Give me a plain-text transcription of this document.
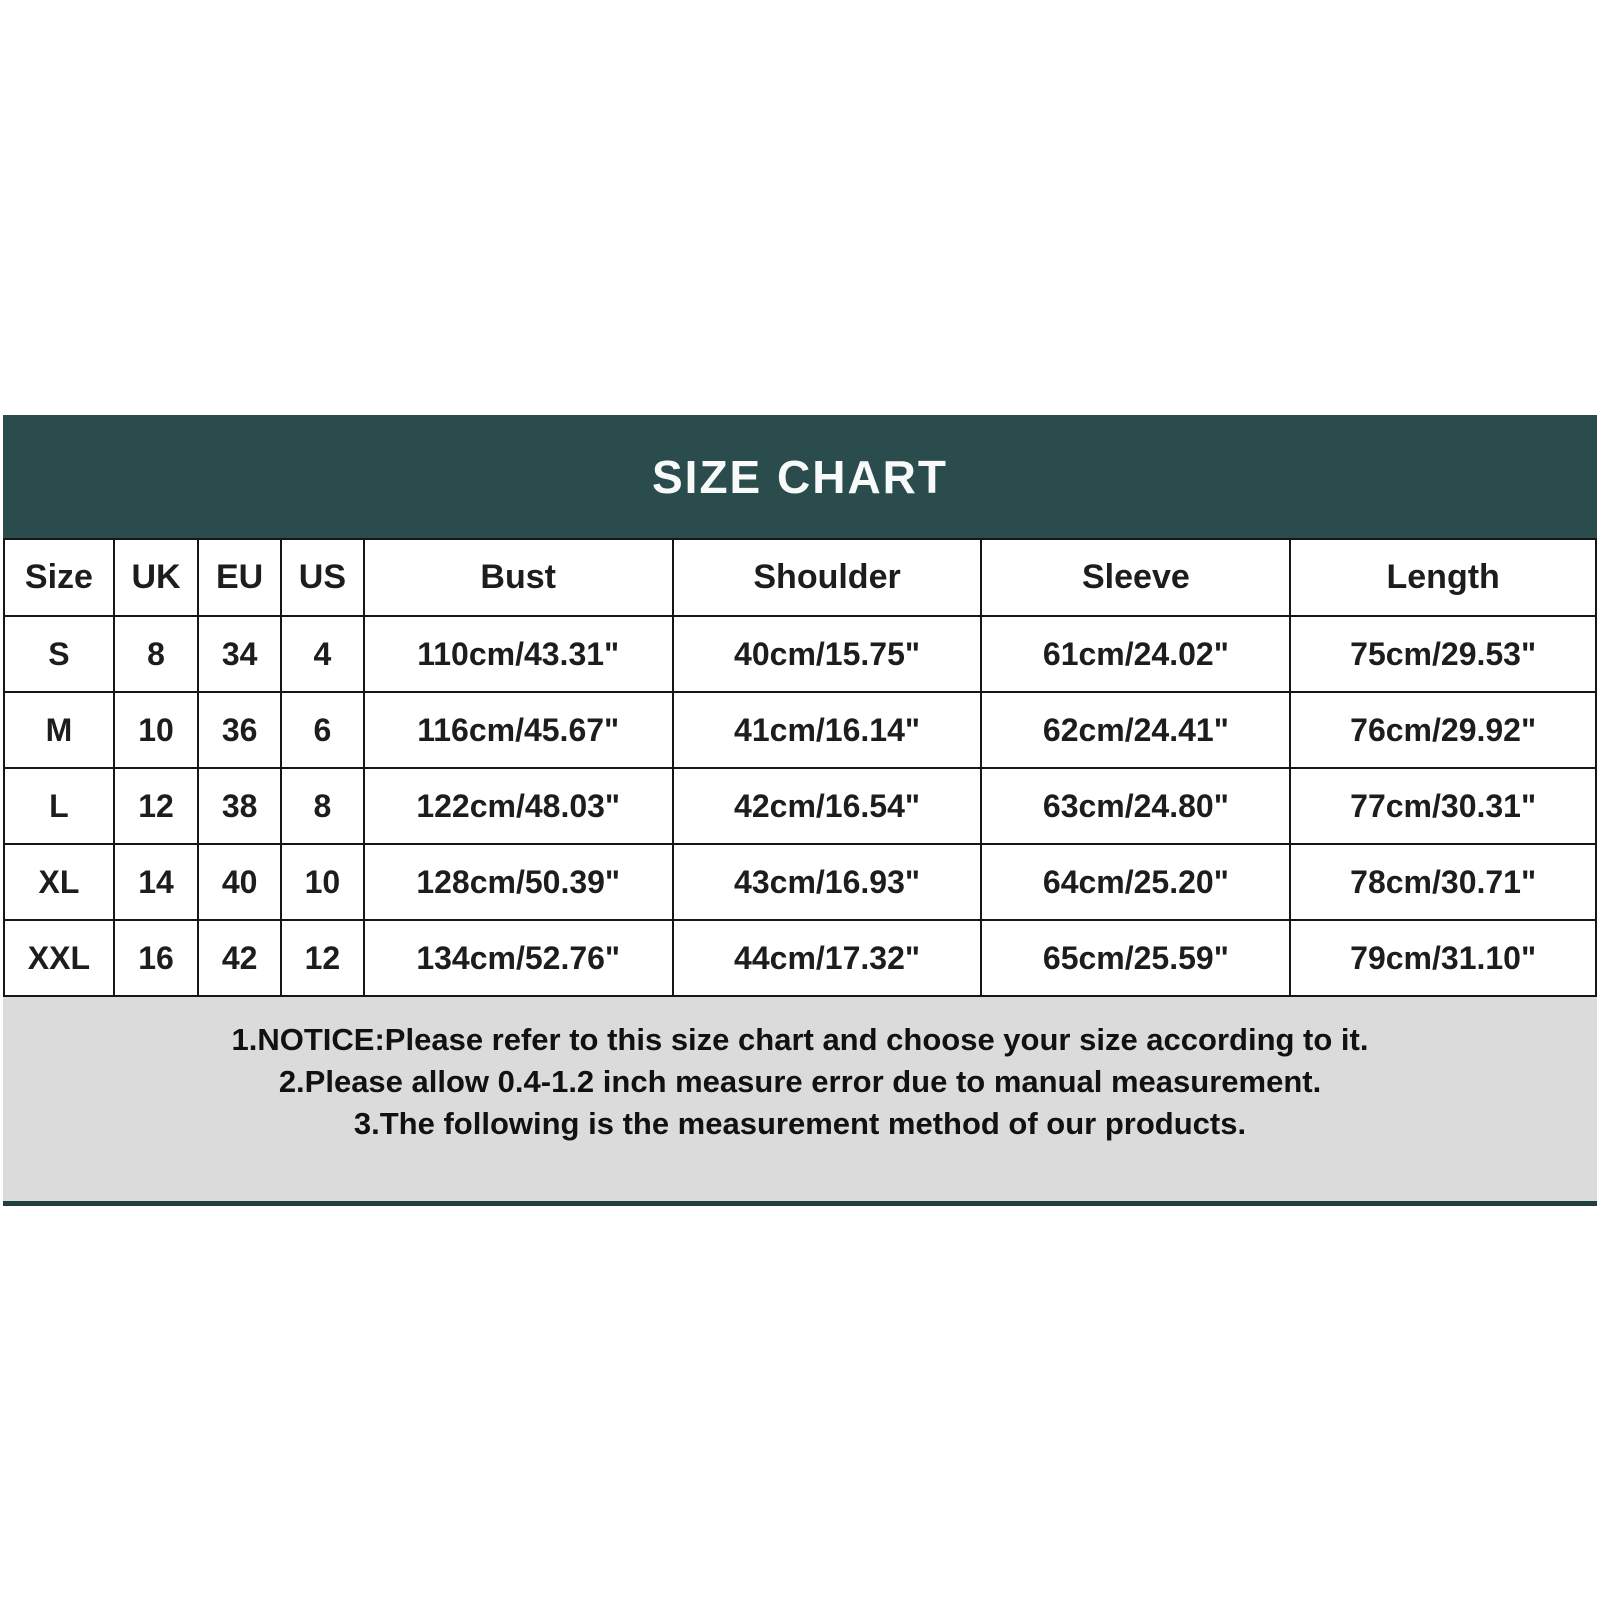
SIZE CHART
Size	UK	EU	US	Bust	Shoulder	Sleeve	Length
S	8	34	4	110cm/43.31"	40cm/15.75"	61cm/24.02"	75cm/29.53"
M	10	36	6	116cm/45.67"	41cm/16.14"	62cm/24.41"	76cm/29.92"
L	12	38	8	122cm/48.03"	42cm/16.54"	63cm/24.80"	77cm/30.31"
XL	14	40	10	128cm/50.39"	43cm/16.93"	64cm/25.20"	78cm/30.71"
XXL	16	42	12	134cm/52.76"	44cm/17.32"	65cm/25.59"	79cm/31.10"
1.NOTICE:Please refer to this size chart and choose your size according to it.
2.Please allow 0.4-1.2 inch measure error due to manual measurement.
3.The following is the measurement method of our products.
